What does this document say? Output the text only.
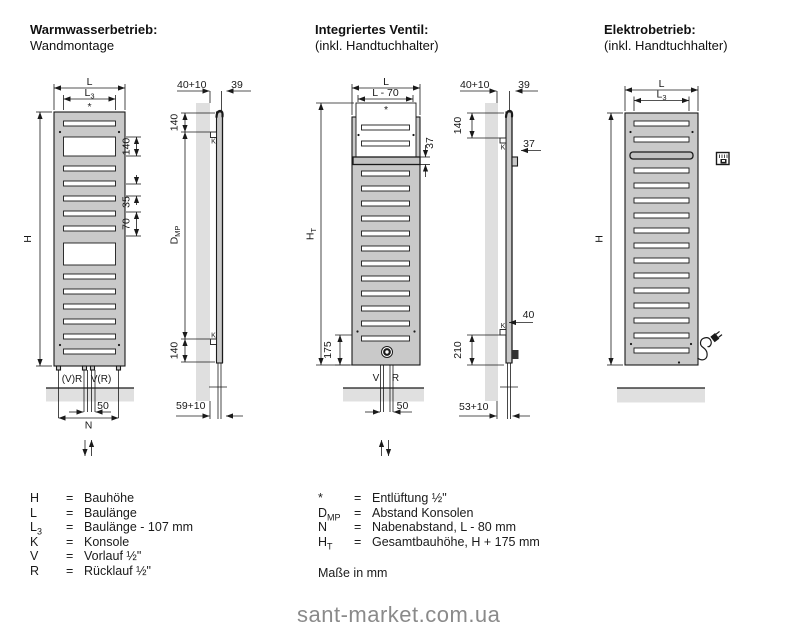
L
$L_3$
*
H
140
35
70
(V)R V(R)
50
N
K
K
40+10 39
140
$D_{MP}$
140
59+10
L
L - 70
*
$H_T$
37
175
V R
50
K
K
40+10	39
140
37
40
210
53+10
L
$L_3$
H
Warmwasserbetrieb:
Wandmontage
Integriertes Ventil:
(inkl. Handtuchhalter)
Elektrobetrieb:
(inkl. Handtuchhalter)
H	= Bauhöhe
L	= Baulänge
$L_3$	= Baulänge - 107 mm
K	= Konsole
V	= Vorlauf ½"
R	= Rücklauf ½"
*	= Entlüftung ½"
$D_{MP}$	= Abstand Konsolen
N	= Nabenabstand, L - 80 mm
$H_T$	= Gesamtbauhöhe, H + 175 mm
Maße in mm
sant-market.com.ua
